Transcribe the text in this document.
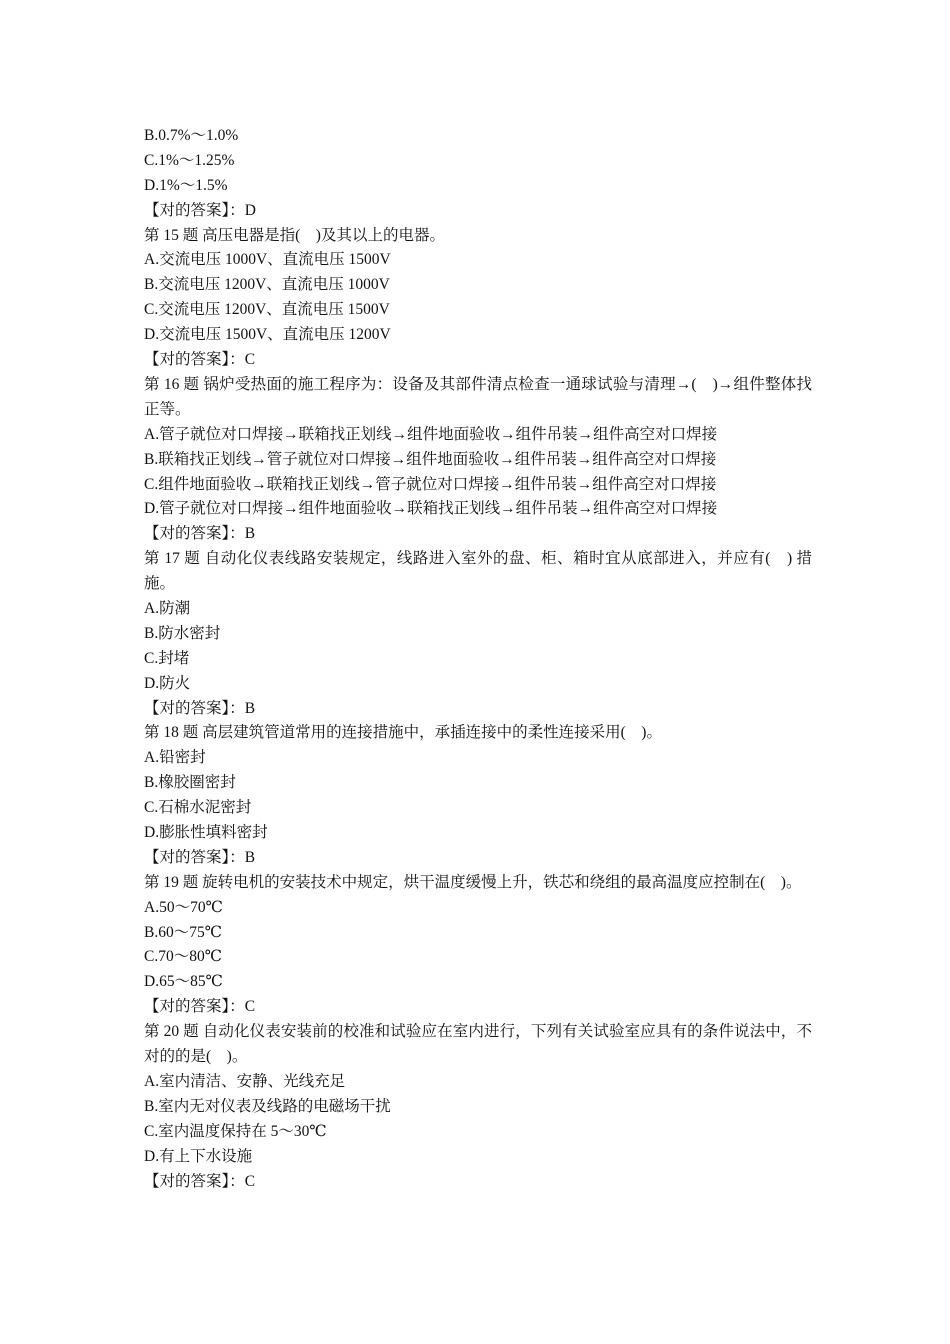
B.0.7%～1.0%
C.1%～1.25%
D.1%～1.5%
【对的答案】：D
第 15 题 高压电器是指(　)及其以上的电器。
A.交流电压 1000V、直流电压 1500V
B.交流电压 1200V、直流电压 1000V
C.交流电压 1200V、直流电压 1500V
D.交流电压 1500V、直流电压 1200V
【对的答案】：C
第 16 题 锅炉受热面的施工程序为：设备及其部件清点检查一通球试验与清理→(　)→组件整体找正等。
A.管子就位对口焊接→联箱找正划线→组件地面验收→组件吊装→组件高空对口焊接
B.联箱找正划线→管子就位对口焊接→组件地面验收→组件吊装→组件高空对口焊接
C.组件地面验收→联箱找正划线→管子就位对口焊接→组件吊装→组件高空对口焊接
D.管子就位对口焊接→组件地面验收→联箱找正划线→组件吊装→组件高空对口焊接
【对的答案】：B
第 17 题 自动化仪表线路安装规定，线路进入室外的盘、柜、箱时宜从底部进入，并应有(　) 措施。
A.防潮
B.防水密封
C.封堵
D.防火
【对的答案】：B
第 18 题 高层建筑管道常用的连接措施中，承插连接中的柔性连接采用(　)。
A.铅密封
B.橡胶圈密封
C.石棉水泥密封
D.膨胀性填料密封
【对的答案】：B
第 19 题 旋转电机的安装技术中规定，烘干温度缓慢上升，铁芯和绕组的最高温度应控制在(　)。
A.50～70℃
B.60～75℃
C.70～80℃
D.65～85℃
【对的答案】：C
第 20 题 自动化仪表安装前的校准和试验应在室内进行，下列有关试验室应具有的条件说法中，不对的的是(　)。
A.室内清洁、安静、光线充足
B.室内无对仪表及线路的电磁场干扰
C.室内温度保持在 5～30℃
D.有上下水设施
【对的答案】：C
